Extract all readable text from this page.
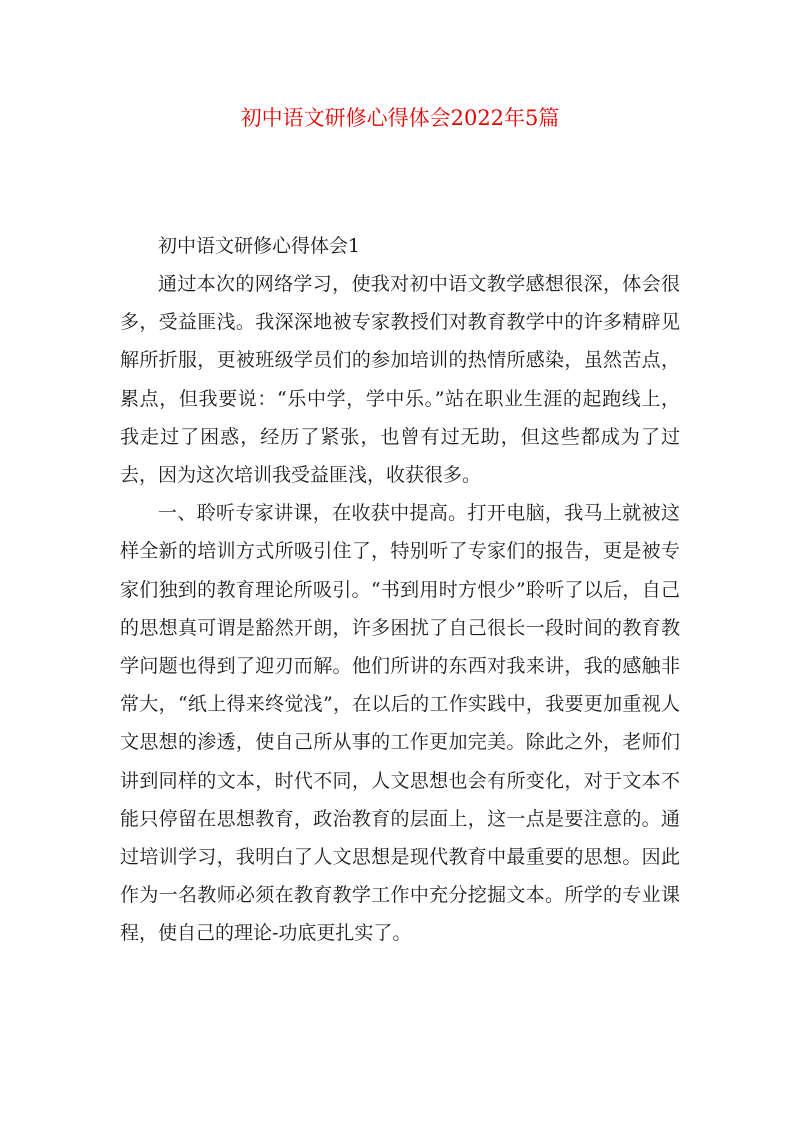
初中语文研修心得体会2022年5篇

初中语文研修心得体会1

通过本次的网络学习，使我对初中语文教学感想很深，体会很多，受益匪浅。我深深地被专家教授们对教育教学中的许多精辟见解所折服，更被班级学员们的参加培训的热情所感染，虽然苦点，累点，但我要说：“乐中学，学中乐。”站在职业生涯的起跑线上，我走过了困惑，经历了紧张，也曾有过无助，但这些都成为了过去，因为这次培训我受益匪浅，收获很多。

一、聆听专家讲课，在收获中提高。打开电脑，我马上就被这样全新的培训方式所吸引住了，特别听了专家们的报告，更是被专家们独到的教育理论所吸引。“书到用时方恨少”聆听了以后，自己的思想真可谓是豁然开朗，许多困扰了自己很长一段时间的教育教学问题也得到了迎刃而解。他们所讲的东西对我来讲，我的感触非常大，“纸上得来终觉浅”，在以后的工作实践中，我要更加重视人文思想的渗透，使自己所从事的工作更加完美。除此之外，老师们讲到同样的文本，时代不同，人文思想也会有所变化，对于文本不能只停留在思想教育，政治教育的层面上，这一点是要注意的。通过培训学习，我明白了人文思想是现代教育中最重要的思想。因此作为一名教师必须在教育教学工作中充分挖掘文本。所学的专业课程，使自己的理论-功底更扎实了。
